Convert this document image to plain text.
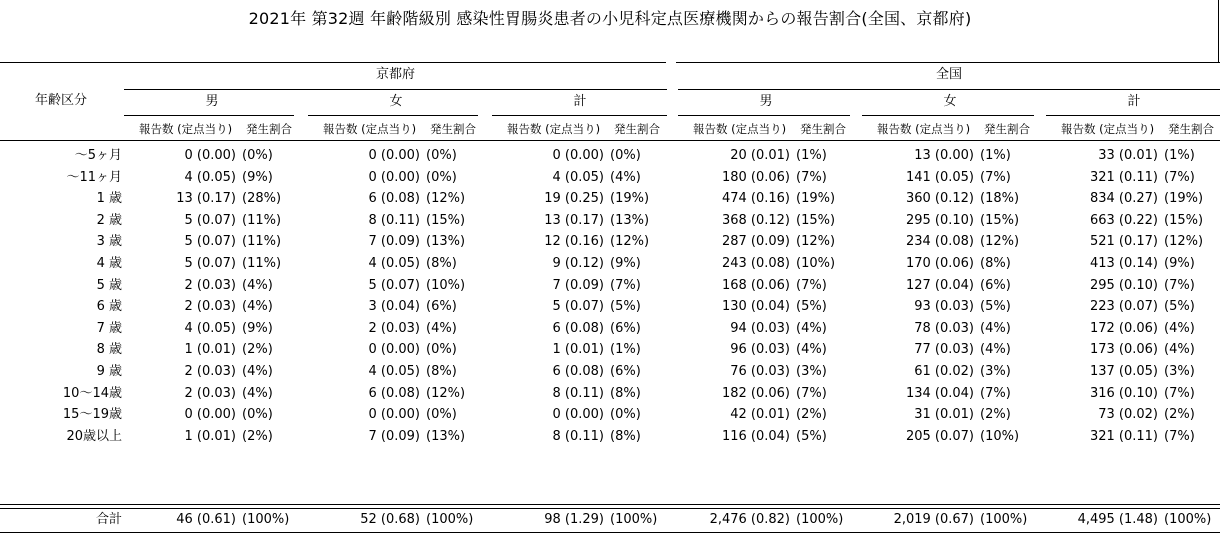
2021年 第32週 年齢階級別 感染性胃腸炎患者の小児科定点医療機関からの報告割合(全国、京都府)
年齢区分
京都府	全国
男
報告数 (定点当り)	発生割合
女
報告数 (定点当り)	発生割合
計
報告数 (定点当り)	発生割合
男
報告数 (定点当り)	発生割合
女
報告数 (定点当り)	発生割合
計
報告数 (定点当り)	発生割合
～5ヶ月	0 (0.00) (0%)	0 (0.00) (0%)	0 (0.00) (0%)	20 (0.01) (1%)	13 (0.00) (1%)	33 (0.01) (1%)
～11ヶ月	4 (0.05) (9%)	0 (0.00) (0%)	4 (0.05) (4%)	180 (0.06) (7%)	141 (0.05) (7%)	321 (0.11) (7%)
1 歳	13 (0.17) (28%)	6 (0.08) (12%)	19 (0.25) (19%)	474 (0.16) (19%)	360 (0.12) (18%)	834 (0.27) (19%)
2 歳	5 (0.07) (11%)	8 (0.11) (15%)	13 (0.17) (13%)	368 (0.12) (15%)	295 (0.10) (15%)	663 (0.22) (15%)
3 歳	5 (0.07) (11%)	7 (0.09) (13%)	12 (0.16) (12%)	287 (0.09) (12%)	234 (0.08) (12%)	521 (0.17) (12%)
4 歳	5 (0.07) (11%)	4 (0.05) (8%)	9 (0.12) (9%)	243 (0.08) (10%)	170 (0.06) (8%)	413 (0.14) (9%)
5 歳	2 (0.03) (4%)	5 (0.07) (10%)	7 (0.09) (7%)	168 (0.06) (7%)	127 (0.04) (6%)	295 (0.10) (7%)
6 歳	2 (0.03) (4%)	3 (0.04) (6%)	5 (0.07) (5%)	130 (0.04) (5%)	93 (0.03) (5%)	223 (0.07) (5%)
7 歳	4 (0.05) (9%)	2 (0.03) (4%)	6 (0.08) (6%)	94 (0.03) (4%)	78 (0.03) (4%)	172 (0.06) (4%)
8 歳	1 (0.01) (2%)	0 (0.00) (0%)	1 (0.01) (1%)	96 (0.03) (4%)	77 (0.03) (4%)	173 (0.06) (4%)
9 歳	2 (0.03) (4%)	4 (0.05) (8%)	6 (0.08) (6%)	76 (0.03) (3%)	61 (0.02) (3%)	137 (0.05) (3%)
10～14歳	2 (0.03) (4%)	6 (0.08) (12%)	8 (0.11) (8%)	182 (0.06) (7%)	134 (0.04) (7%)	316 (0.10) (7%)
15～19歳	0 (0.00) (0%)	0 (0.00) (0%)	0 (0.00) (0%)	42 (0.01) (2%)	31 (0.01) (2%)	73 (0.02) (2%)
20歳以上	1 (0.01) (2%)	7 (0.09) (13%)	8 (0.11) (8%)	116 (0.04) (5%)	205 (0.07) (10%)	321 (0.11) (7%)
合計	46 (0.61) (100%)	52 (0.68) (100%)	98 (1.29) (100%)	2,476 (0.82) (100%)	2,019 (0.67) (100%)	4,495 (1.48) (100%)
